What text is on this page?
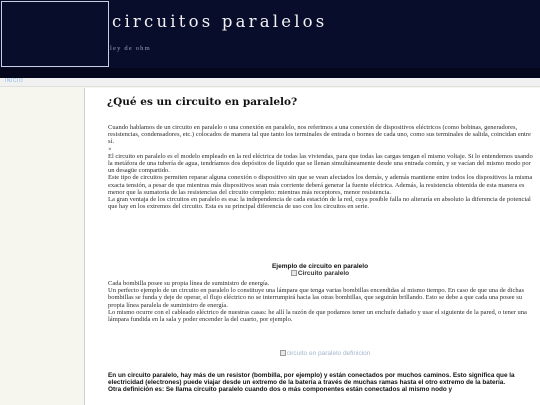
circuitos paralelos
ley de ohm
INICIO
¿Qué es un circuito en paralelo?

Cuando hablamos de un circuito en paralelo o una conexión en paralelo, nos referimos a una conexión de dispositivos eléctricos (como bobinas, generadores, resistencias, condensadores, etc.) colocados de manera tal que tanto los terminales de entrada o bornes de cada uno, como sus terminales de salida, coincidan entre sí.
×
El circuito en paralelo es el modelo empleado en la red eléctrica de todas las viviendas, para que todas las cargas tengan el mismo voltaje. Si lo entendemos usando la metáfora de una tubería de agua, tendríamos dos depósitos de líquido que se llenan simultáneamente desde una entrada común, y se vacían del mismo modo por un desagüe compartido.
Este tipo de circuitos permiten reparar alguna conexión o dispositivo sin que se vean afectados los demás, y además mantiene entre todos los dispositivos la misma exacta tensión, a pesar de que mientras más dispositivos sean más corriente deberá generar la fuente eléctrica. Además, la resistencia obtenida de esta manera es menor que la sumatoria de las resistencias del circuito completo: mientras más receptores, menor resistencia.
La gran ventaja de los circuitos en paralelo es esa: la independencia de cada estación de la red, cuya posible falla no alteraría en absoluto la diferencia de potencial que hay en los extremos del circuito. Esta es su principal diferencia de uso con los circuitos en serie.

Ejemplo de circuito en paralelo
Circuito paralelo

Cada bombilla posee su propia línea de suministro de energía.
Un perfecto ejemplo de un circuito en paralelo lo constituye una lámpara que tenga varias bombillas encendidas al mismo tiempo. En caso de que una de dichas bombillas se funda y deje de operar, el flujo eléctrico no se interrumpirá hacia las otras bombillas, que seguirán brillando. Esto se debe a que cada una posee su propia línea paralela de suministro de energía.
Lo mismo ocurre con el cableado eléctrico de nuestras casas: he allí la razón de que podamos tener un enchufe dañado y usar el siguiente de la pared, o tener una lámpara fundida en la sala y poder encender la del cuarto, por ejemplo.

circuito en paralelo definicion

En un circuito paralelo, hay más de un resistor (bombilla, por ejemplo) y están conectados por muchos caminos. Esto significa que la electricidad (electrones) puede viajar desde un extremo de la batería a través de muchas ramas hasta el otro extremo de la batería.
Otra definición es: Se llama circuito paralelo cuando dos o más componentes están conectados al mismo nodo y
